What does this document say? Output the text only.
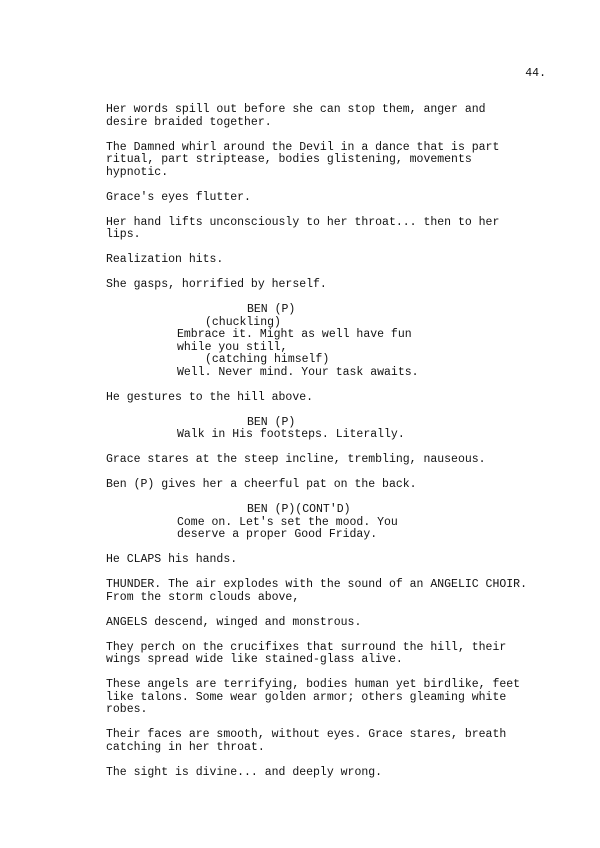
44.
Her words spill out before she can stop them, anger and
desire braided together.
The Damned whirl around the Devil in a dance that is part
ritual, part striptease, bodies glistening, movements
hypnotic.
Grace's eyes flutter.
Her hand lifts unconsciously to her throat... then to her
lips.
Realization hits.
She gasps, horrified by herself.
BEN (P)
(chuckling)
Embrace it. Might as well have fun
while you still,
(catching himself)
Well. Never mind. Your task awaits.
He gestures to the hill above.
BEN (P)
Walk in His footsteps. Literally.
Grace stares at the steep incline, trembling, nauseous.
Ben (P) gives her a cheerful pat on the back.
BEN (P)(CONT'D)
Come on. Let's set the mood. You
deserve a proper Good Friday.
He CLAPS his hands.
THUNDER. The air explodes with the sound of an ANGELIC CHOIR.
From the storm clouds above,
ANGELS descend, winged and monstrous.
They perch on the crucifixes that surround the hill, their
wings spread wide like stained-glass alive.
These angels are terrifying, bodies human yet birdlike, feet
like talons. Some wear golden armor; others gleaming white
robes.
Their faces are smooth, without eyes. Grace stares, breath
catching in her throat.
The sight is divine... and deeply wrong.
